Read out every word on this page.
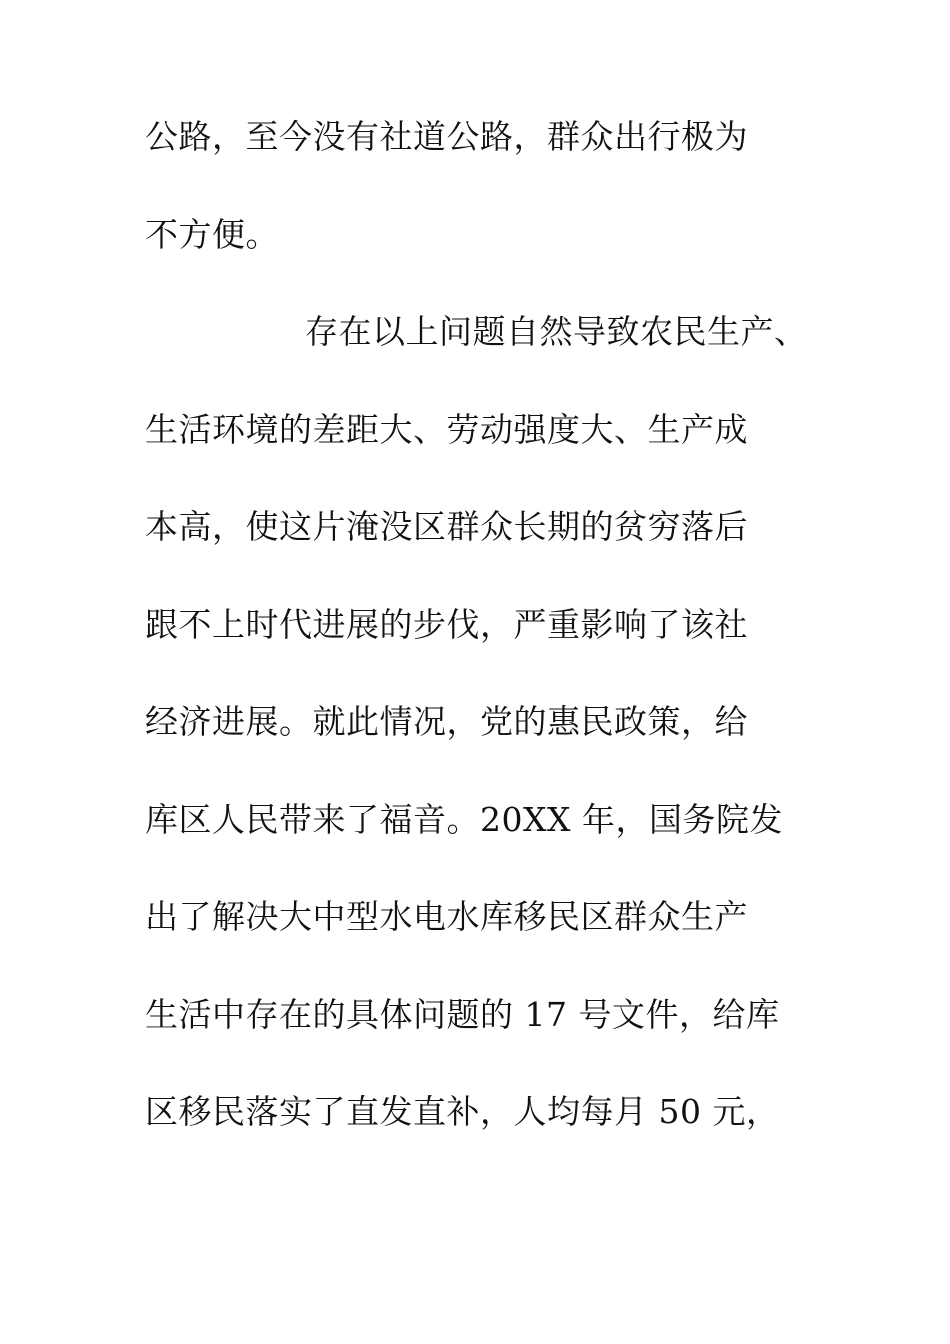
公路，至今没有社道公路，群众出行极为
不方便。
存在以上问题自然导致农民生产、
生活环境的差距大、劳动强度大、生产成
本高，使这片淹没区群众长期的贫穷落后
跟不上时代进展的步伐，严重影响了该社
经济进展。就此情况，党的惠民政策，给
库区人民带来了福音。20XX 年，国务院发
出了解决大中型水电水库移民区群众生产
生活中存在的具体问题的 17 号文件，给库
区移民落实了直发直补，人均每月 50 元，
